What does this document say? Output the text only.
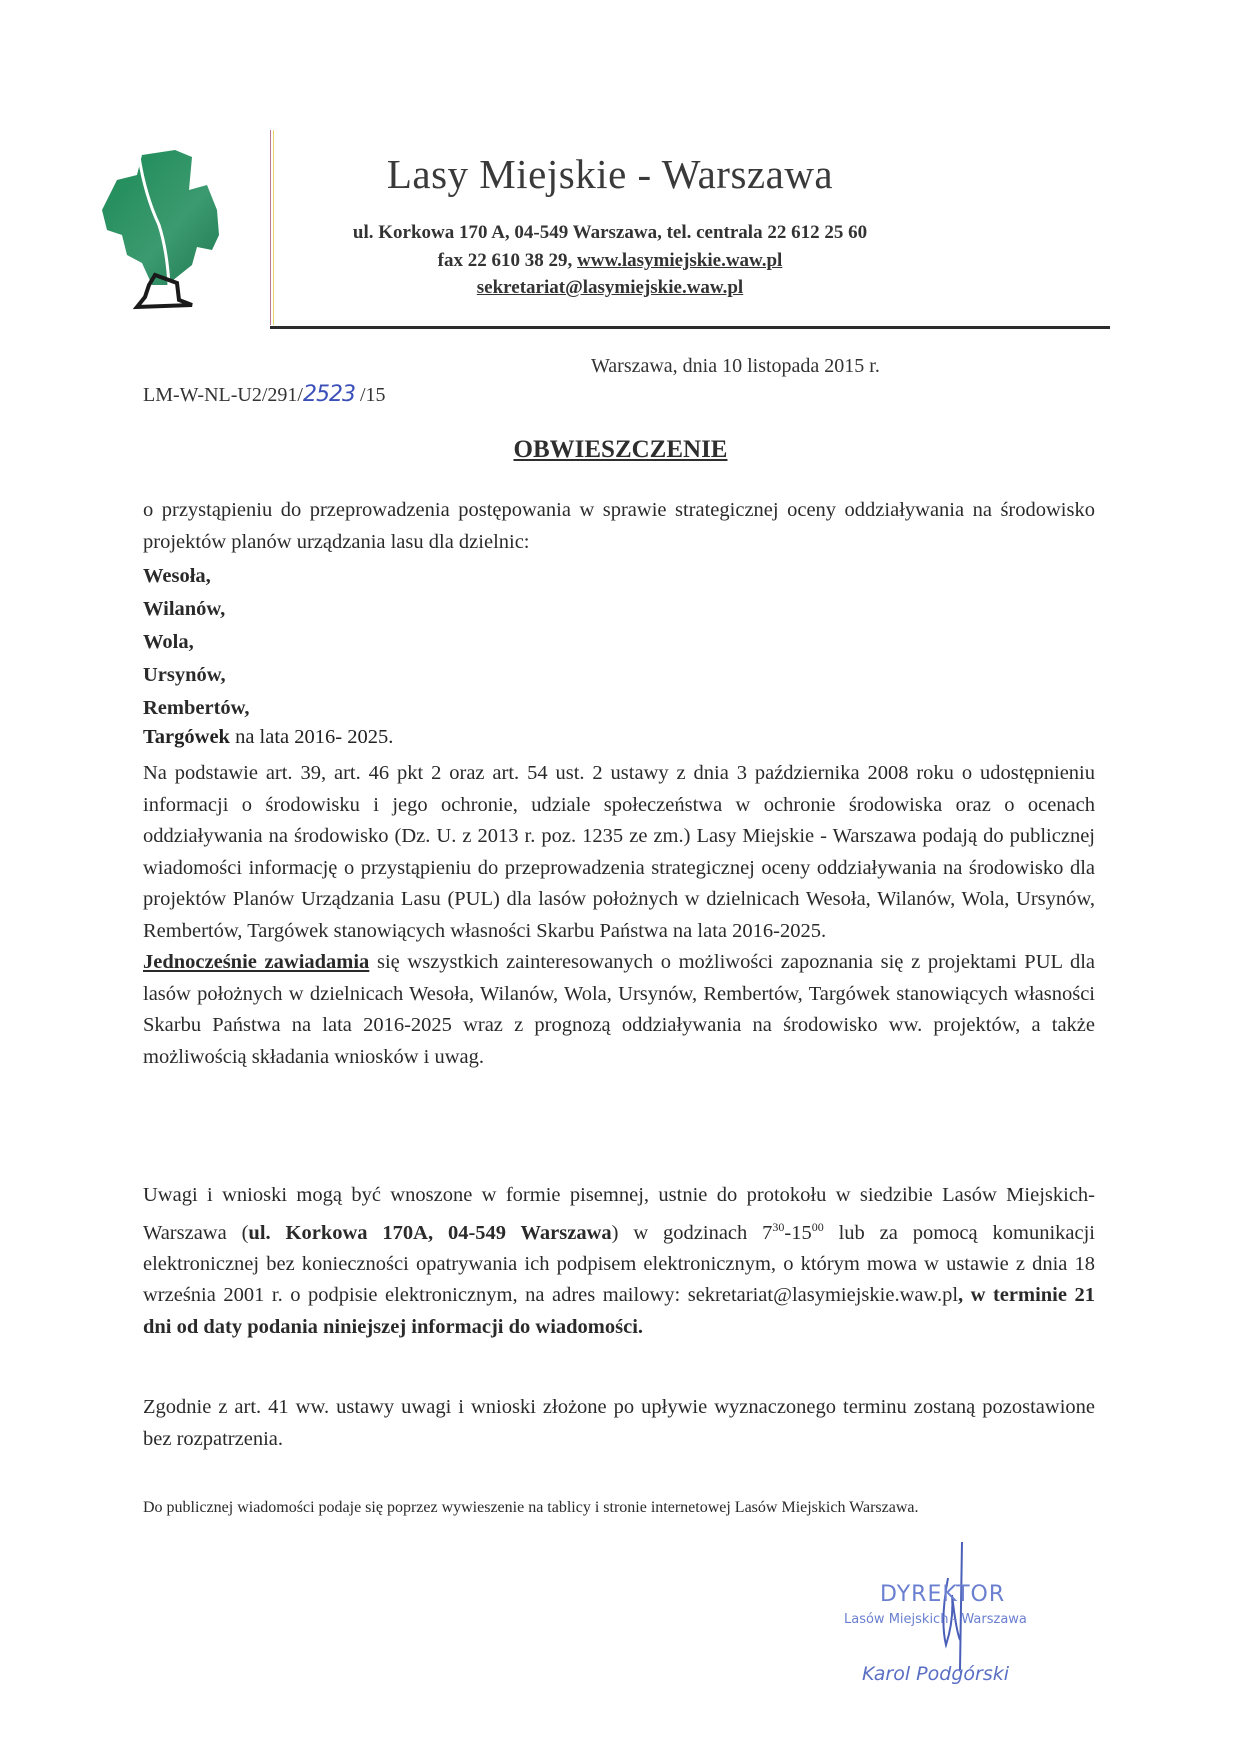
Lasy Miejskie - Warszawa
ul. Korkowa 170 A, 04-549 Warszawa, tel. centrala 22 612 25 60
fax 22 610 38 29, www.lasymiejskie.waw.pl
sekretariat@lasymiejskie.waw.pl
Warszawa, dnia 10 listopada 2015 r.
LM-W-NL-U2/291/2523 /15
OBWIESZCZENIE

o przystąpieniu do przeprowadzenia postępowania w sprawie strategicznej oceny oddziaływania na środowisko projektów planów urządzania lasu dla dzielnic:

Wesoła,
Wilanów,
Wola,
Ursynów,
Rembertów,
Targówek na lata 2016- 2025.

Na podstawie art. 39, art. 46 pkt 2 oraz art. 54 ust. 2 ustawy z dnia 3 października 2008 roku o udostępnieniu informacji o środowisku i jego ochronie, udziale społeczeństwa w ochronie środowiska oraz o ocenach oddziaływania na środowisko (Dz. U. z 2013 r. poz. 1235 ze zm.) Lasy Miejskie - Warszawa podają do publicznej wiadomości informację o przystąpieniu do przeprowadzenia strategicznej oceny oddziaływania na środowisko dla projektów Planów Urządzania Lasu (PUL) dla lasów położnych w dzielnicach Wesoła, Wilanów, Wola, Ursynów, Rembertów, Targówek stanowiących własności Skarbu Państwa na lata 2016-2025.

Jednocześnie zawiadamia się wszystkich zainteresowanych o możliwości zapoznania się z projektami PUL dla lasów położnych w dzielnicach Wesoła, Wilanów, Wola, Ursynów, Rembertów, Targówek stanowiących własności Skarbu Państwa na lata 2016-2025 wraz z prognozą oddziaływania na środowisko ww. projektów, a także możliwością składania wniosków i uwag.

Uwagi i wnioski mogą być wnoszone w formie pisemnej, ustnie do protokołu w siedzibie Lasów Miejskich-Warszawa (ul. Korkowa 170A, 04-549 Warszawa) w godzinach $7^{30}-15^{00}$ lub za pomocą komunikacji elektronicznej bez konieczności opatrywania ich podpisem elektronicznym, o którym mowa w ustawie z dnia 18 września 2001 r. o podpisie elektronicznym, na adres mailowy: sekretariat@lasymiejskie.waw.pl, w terminie 21 dni od daty podania niniejszej informacji do wiadomości.

Zgodnie z art. 41 ww. ustawy uwagi i wnioski złożone po upływie wyznaczonego terminu zostaną pozostawione bez rozpatrzenia.

Do publicznej wiadomości podaje się poprzez wywieszenie na tablicy i stronie internetowej Lasów Miejskich Warszawa.
DYREKTOR
Lasów Miejskich - Warszawa
Karol Podgórski
